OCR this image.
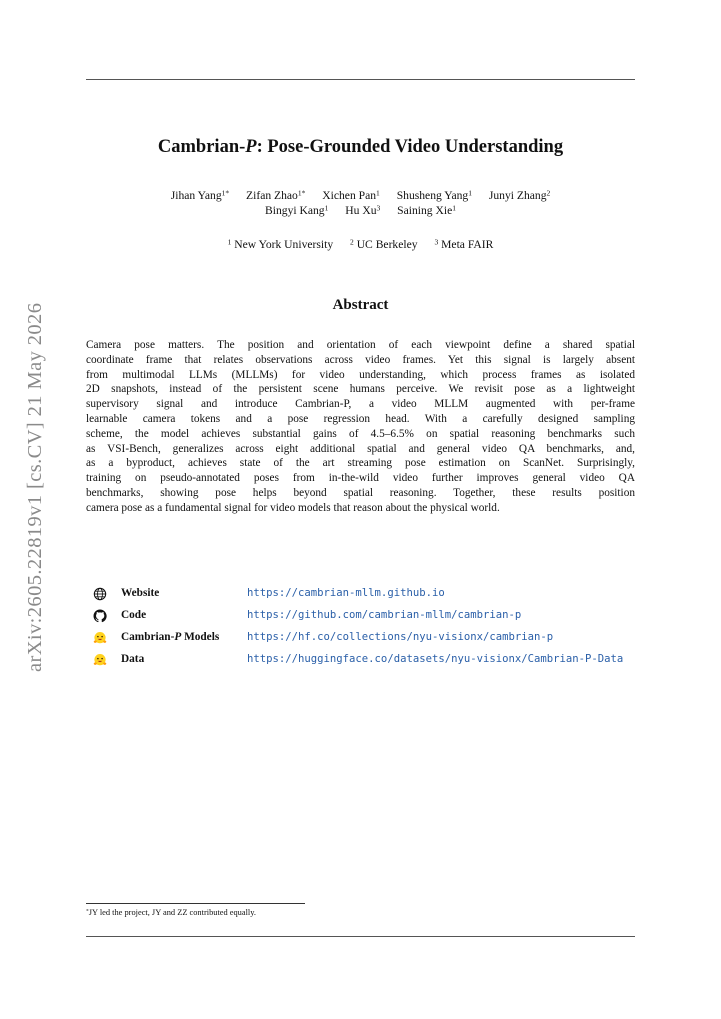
arXiv:2605.22819v1 [cs.CV] 21 May 2026
Cambrian-P: Pose-Grounded Video Understanding
Jihan Yang$^{1*}$ Zifan Zhao$^{1*}$ Xichen Pan$^1$ Shusheng Yang$^1$ Junyi Zhang$^2$
Bingyi Kang$^1$ Hu Xu$^3$ Saining Xie$^1$
$^1$ New York University $^2$ UC Berkeley $^3$ Meta FAIR
Abstract
Camera pose matters. The position and orientation of each viewpoint define a shared spatial
coordinate frame that relates observations across video frames. Yet this signal is largely absent
from multimodal LLMs (MLLMs) for video understanding, which process frames as isolated
2D snapshots, instead of the persistent scene humans perceive. We revisit pose as a lightweight
supervisory signal and introduce Cambrian-P, a video MLLM augmented with per-frame
learnable camera tokens and a pose regression head. With a carefully designed sampling
scheme, the model achieves substantial gains of 4.5–6.5% on spatial reasoning benchmarks such
as VSI-Bench, generalizes across eight additional spatial and general video QA benchmarks, and,
as a byproduct, achieves state of the art streaming pose estimation on ScanNet. Surprisingly,
training on pseudo-annotated poses from in-the-wild video further improves general video QA
benchmarks, showing pose helps beyond spatial reasoning. Together, these results position
camera pose as a fundamental signal for video models that reason about the physical world.
Website	https://cambrian-mllm.github.io
Code	https://github.com/cambrian-mllm/cambrian-p
Cambrian-P Models	https://hf.co/collections/nyu-visionx/cambrian-p
Data	https://huggingface.co/datasets/nyu-visionx/Cambrian-P-Data
*JY led the project, JY and ZZ contributed equally.
